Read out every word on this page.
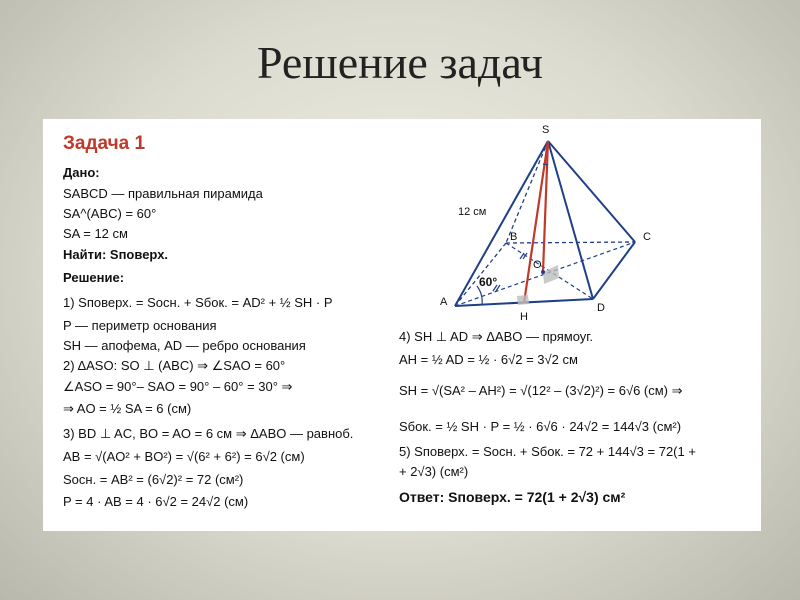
Решение задач
Задача 1
Дано:
SABCD — правильная пирамида
SA^(ABC) = 60°
SA = 12 см
Найти: Sповерх.
Решение:
1) Sповерх. = Sосн. + Sбок. = AD² + ½ SH · P
P — периметр основания
SH — апофема, AD — ребро основания
2) ΔASO: SO ⊥ (ABC) ⇒ ∠SAO = 60°
∠ASO = 90°– SAO = 90° – 60° = 30° ⇒
⇒ AO = ½ SA = 6 (см)
3) BD ⊥ AC, BO = AO = 6 см ⇒ ΔABO — равноб.
AB = √(AO² + BO²) = √(6² + 6²) = 6√2 (см)
Sосн. = AB² = (6√2)² = 72 (см²)
P = 4 · AB = 4 · 6√2 = 24√2 (см)
4) SH ⊥ AD ⇒ ΔABO — прямоуг.
AH = ½ AD = ½ · 6√2 = 3√2 см
SH = √(SA² – AH²) = √(12² – (3√2)²) = 6√6 (см) ⇒
Sбок. = ½ SH · P = ½ · 6√6 · 24√2 = 144√3 (см²)
5) Sповерх. = Sосн. + Sбок. = 72 + 144√3 = 72(1 +
+ 2√3) (см²)
Ответ: Sповерх. = 72(1 + 2√3) см²
S
A
B	C
D
O
H
12 см
60°
